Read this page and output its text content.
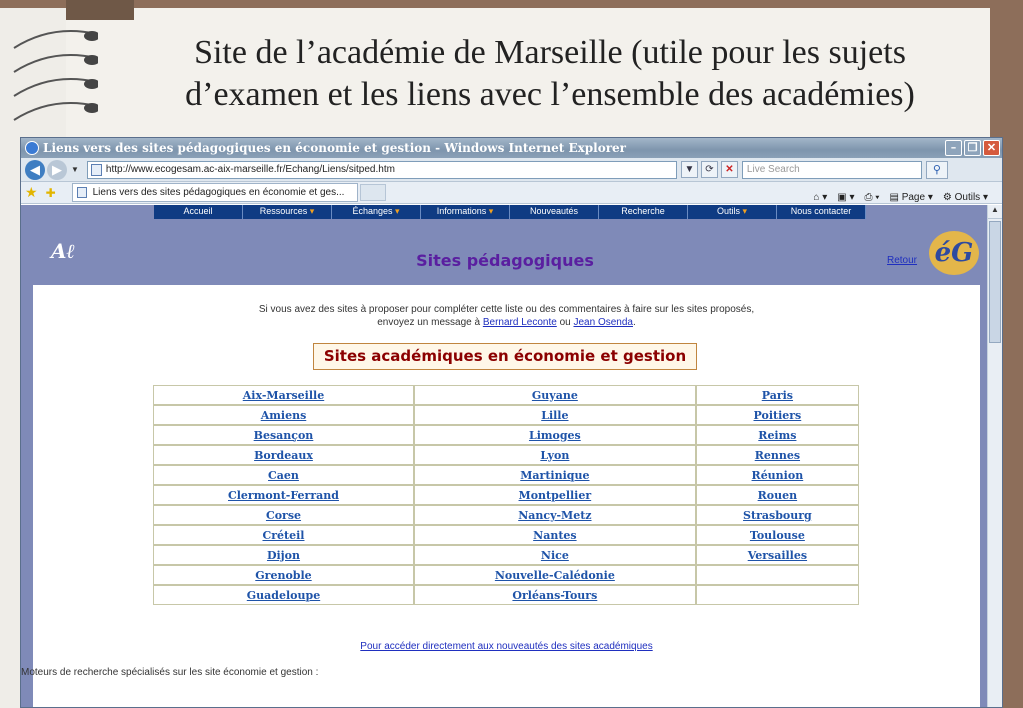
Site de l’académie de Marseille (utile pour les sujets
d’examen et les liens avec l’ensemble des académies)
Liens vers des sites pédagogiques en économie et gestion - Windows Internet Explorer	–	❐ ✕
◀ ▶	▼	http://www.ecogesam.ac-aix-marseille.fr/Echang/Liens/sitped.htm	▼	⟳	✕	Live Search	⚲
★ ✚	Liens vers des sites pédagogiques en économie et ges...	⌂ ▾ ▣ ▾ ⎙ ▾ ▤ Page ▾ ⚙ Outils ▾
Accueil	Ressources ▾	Échanges ▾	Informations ▾	Nouveautés	Recherche	Outils ▾	Nous contacter
Aℓ	Sites pédagogiques	Retour éG
Si vous avez des sites à proposer pour compléter cette liste ou des commentaires à faire sur les sites proposés,
envoyez un message à Bernard Leconte ou Jean Osenda.
Sites académiques en économie et gestion
Aix-Marseille	Guyane	Paris
Amiens	Lille	Poitiers
Besançon	Limoges	Reims
Bordeaux	Lyon	Rennes
Caen	Martinique	Réunion
Clermont-Ferrand	Montpellier	Rouen
Corse	Nancy-Metz	Strasbourg
Créteil	Nantes	Toulouse
Dijon	Nice	Versailles
Grenoble	Nouvelle-Calédonie	
Guadeloupe	Orléans-Tours	
Pour accéder directement aux nouveautés des sites académiques
Moteurs de recherche spécialisés sur les site économie et gestion :
▲
